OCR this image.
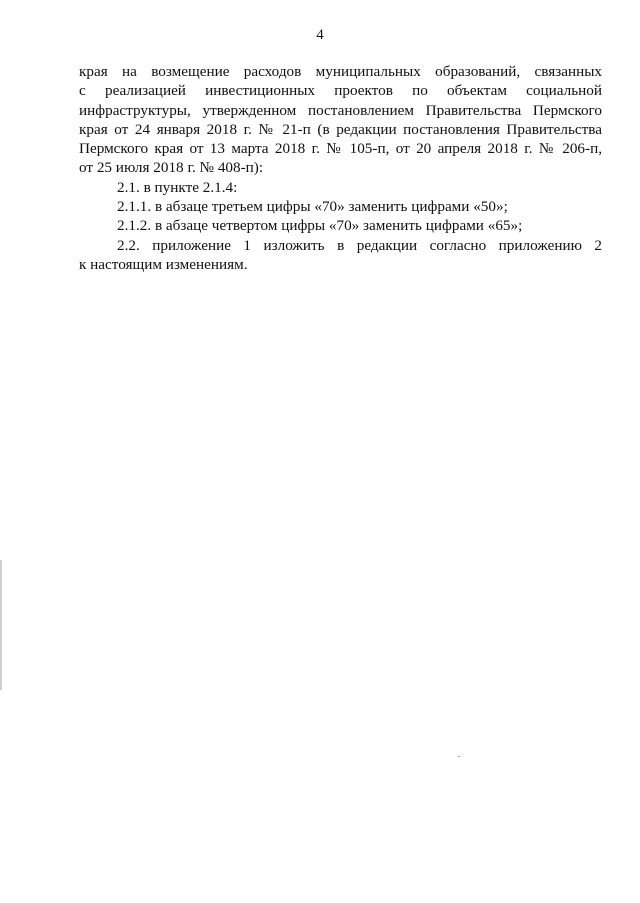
4
края на возмещение расходов муниципальных образований, связанных
с реализацией инвестиционных проектов по объектам социальной
инфраструктуры, утвержденном постановлением Правительства Пермского
края от 24 января 2018 г. № 21-п (в редакции постановления Правительства
Пермского края от 13 марта 2018 г. № 105-п, от 20 апреля 2018 г. № 206-п,
от 25 июля 2018 г. № 408-п):
2.1. в пункте 2.1.4:
2.1.1. в абзаце третьем цифры «70» заменить цифрами «50»;
2.1.2. в абзаце четвертом цифры «70» заменить цифрами «65»;
2.2. приложение 1 изложить в редакции согласно приложению 2
к настоящим изменениям.
